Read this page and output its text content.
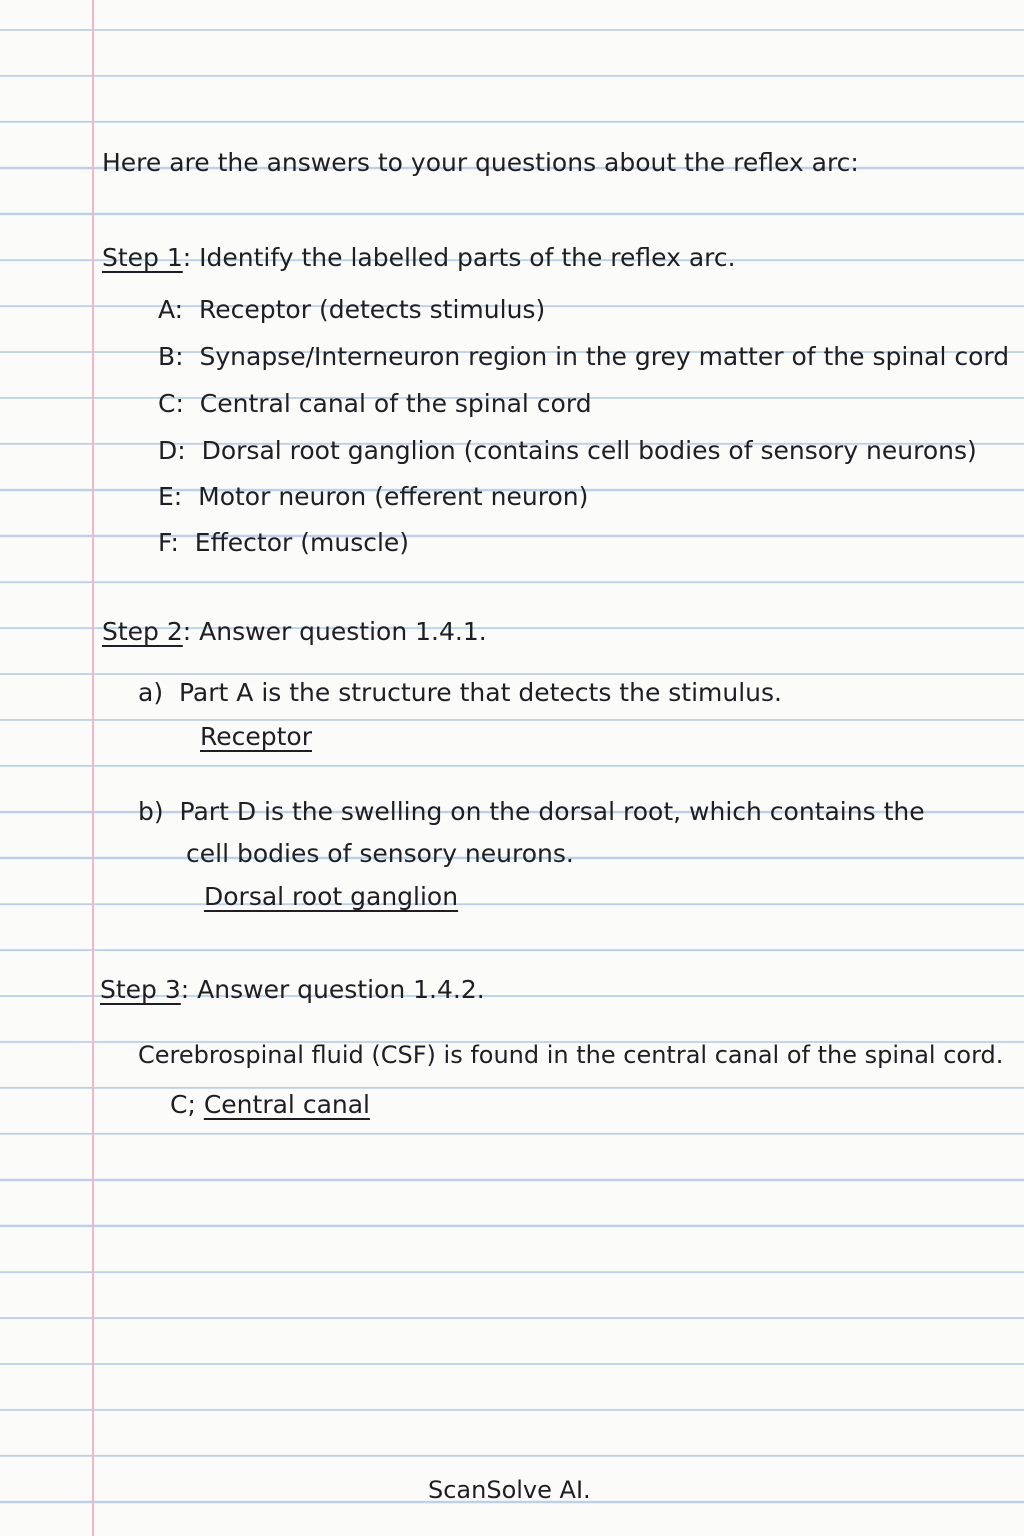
Here are the answers to your questions about the reflex arc:
Step 1: Identify the labelled parts of the reflex arc.
A:  Receptor (detects stimulus)
B:  Synapse/Interneuron region in the grey matter of the spinal cord
C:  Central canal of the spinal cord
D:  Dorsal root ganglion (contains cell bodies of sensory neurons)
E:  Motor neuron (efferent neuron)
F:  Effector (muscle)
Step 2: Answer question 1.4.1.
a) Part A is the structure that detects the stimulus.
Receptor
b) Part D is the swelling on the dorsal root, which contains the
cell bodies of sensory neurons.
Dorsal root ganglion
Step 3: Answer question 1.4.2.
Cerebrospinal fluid (CSF) is found in the central canal of the spinal cord.
C; Central canal
ScanSolve AI.
